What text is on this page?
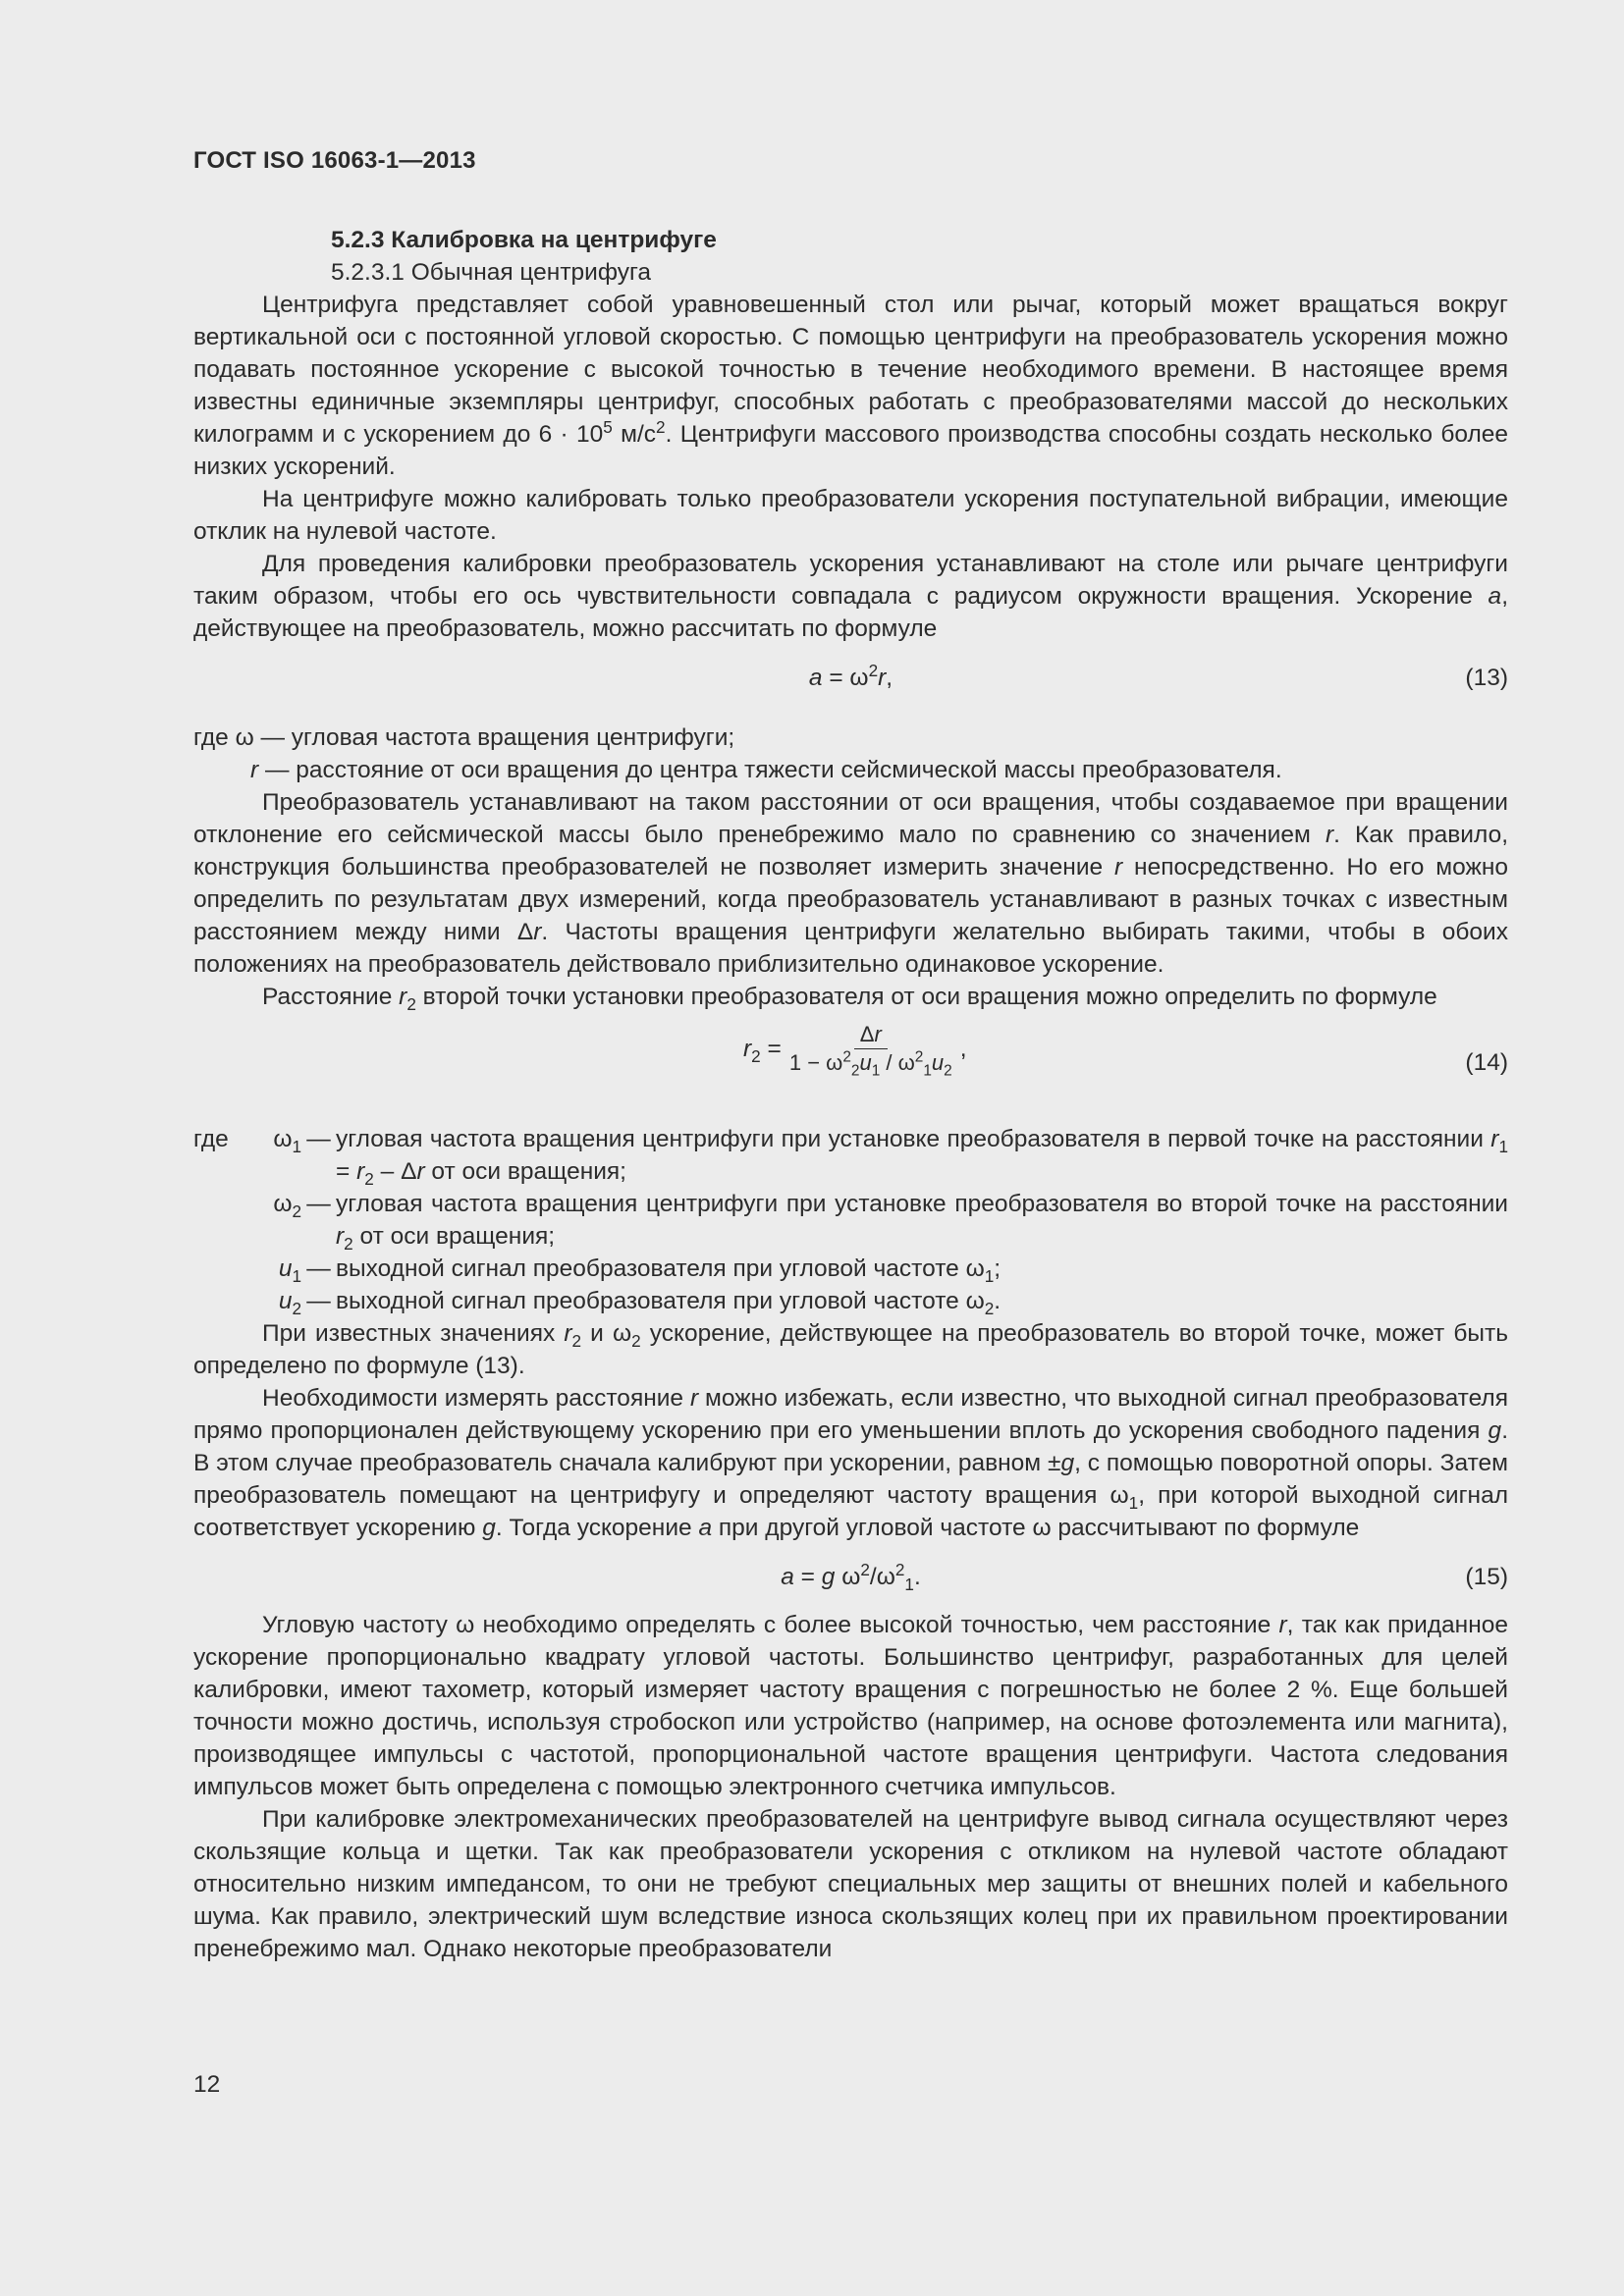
ГОСТ ISO 16063-1—2013

5.2.3 Калибровка на центрифуге

5.2.3.1 Обычная центрифуга

Центрифуга представляет собой уравновешенный стол или рычаг, который может вращаться вокруг вертикальной оси с постоянной угловой скоростью. С помощью центрифуги на преобразователь ускорения можно подавать постоянное ускорение с высокой точностью в течение необходимого времени. В настоящее время известны единичные экземпляры центрифуг, способных работать с преобразователями массой до нескольких килограмм и с ускорением до $6 \cdot 10^5$ $м/с^2$. Центрифуги массового производства способны создать несколько более низких ускорений.

На центрифуге можно калибровать только преобразователи ускорения поступательной вибрации, имеющие отклик на нулевой частоте.

Для проведения калибровки преобразователь ускорения устанавливают на столе или рычаге центрифуги таким образом, чтобы его ось чувствительности совпадала с радиусом окружности вращения. Ускорение a, действующее на преобразователь, можно рассчитать по формуле

$a = \omega^2r$,	(13)
где ω — угловая частота вращения центрифуги;
r — расстояние от оси вращения до центра тяжести сейсмической массы преобразователя.

Преобразователь устанавливают на таком расстоянии от оси вращения, чтобы создаваемое при вращении отклонение его сейсмической массы было пренебрежимо мало по сравнению со значением r. Как правило, конструкция большинства преобразователей не позволяет измерить значение r непосредственно. Но его можно определить по результатам двух измерений, когда преобразователь устанавливают в разных точках с известным расстоянием между ними Δr. Частоты вращения центрифуги желательно выбирать такими, чтобы в обоих положениях на преобразователь действовало приблизительно одинаковое ускорение.

Расстояние $r_2$ второй точки установки преобразователя от оси вращения можно определить по формуле

$r_2 = \frac{\Delta r}{1 - \omega^2_2u_1 / \omega^2_1u_2}$ ,
(14)
где	$\omega_1$ — угловая частота вращения центрифуги при установке преобразователя в первой точке на расстоянии $r_1 = r_2 - \Delta r$ от оси вращения;
$\omega_2$ — угловая частота вращения центрифуги при установке преобразователя во второй точке на расстоянии $r_2$ от оси вращения;
$u_1$ — выходной сигнал преобразователя при угловой частоте $\omega_1$;
$u_2$ — выходной сигнал преобразователя при угловой частоте $\omega_2$.

При известных значениях $r_2$ и $\omega_2$ ускорение, действующее на преобразователь во второй точке, может быть определено по формуле (13).

Необходимости измерять расстояние r можно избежать, если известно, что выходной сигнал преобразователя прямо пропорционален действующему ускорению при его уменьшении вплоть до ускорения свободного падения g. В этом случае преобразователь сначала калибруют при ускорении, равном ±g, с помощью поворотной опоры. Затем преобразователь помещают на центрифугу и определяют частоту вращения $\omega_1$, при которой выходной сигнал соответствует ускорению g. Тогда ускорение a при другой угловой частоте ω рассчитывают по формуле

a = g $\omega^2/\omega^2_1$.	(15)

Угловую частоту ω необходимо определять с более высокой точностью, чем расстояние r, так как приданное ускорение пропорционально квадрату угловой частоты. Большинство центрифуг, разработанных для целей калибровки, имеют тахометр, который измеряет частоту вращения с погрешностью не более 2 %. Еще большей точности можно достичь, используя стробоскоп или устройство (например, на основе фотоэлемента или магнита), производящее импульсы с частотой, пропорциональной частоте вращения центрифуги. Частота следования импульсов может быть определена с помощью электронного счетчика импульсов.

При калибровке электромеханических преобразователей на центрифуге вывод сигнала осуществляют через скользящие кольца и щетки. Так как преобразователи ускорения с откликом на нулевой частоте обладают относительно низким импедансом, то они не требуют специальных мер защиты от внешних полей и кабельного шума. Как правило, электрический шум вследствие износа скользящих колец при их правильном проектировании пренебрежимо мал. Однако некоторые преобразователи

12
